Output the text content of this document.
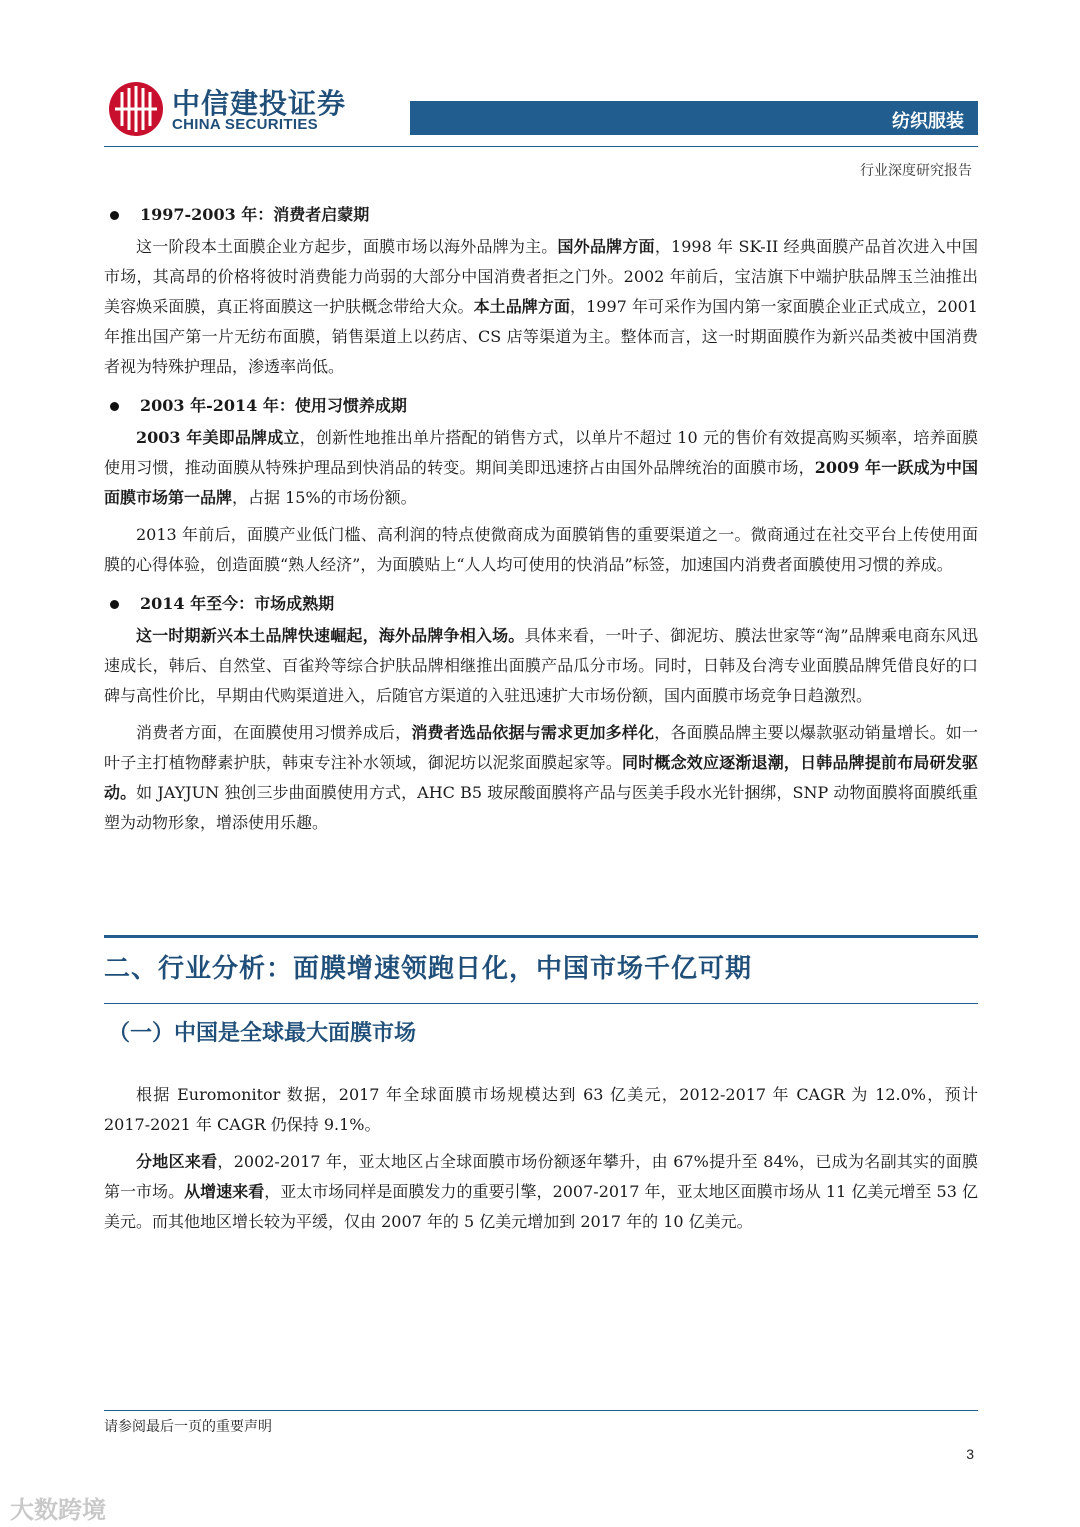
中信建投证券
CHINA SECURITIES	纺织服装
行业深度研究报告
1997-2003 年：消费者启蒙期

这一阶段本土面膜企业方起步，面膜市场以海外品牌为主。国外品牌方面，1998 年 SK-II 经典面膜产品首次进入中国市场，其高昂的价格将彼时消费能力尚弱的大部分中国消费者拒之门外。2002 年前后，宝洁旗下中端护肤品牌玉兰油推出美容焕采面膜，真正将面膜这一护肤概念带给大众。本土品牌方面，1997 年可采作为国内第一家面膜企业正式成立，2001 年推出国产第一片无纺布面膜，销售渠道上以药店、CS 店等渠道为主。整体而言，这一时期面膜作为新兴品类被中国消费者视为特殊护理品，渗透率尚低。

2003 年-2014 年：使用习惯养成期

2003 年美即品牌成立，创新性地推出单片搭配的销售方式，以单片不超过 10 元的售价有效提高购买频率，培养面膜使用习惯，推动面膜从特殊护理品到快消品的转变。期间美即迅速挤占由国外品牌统治的面膜市场，2009 年一跃成为中国面膜市场第一品牌，占据 15%的市场份额。

2013 年前后，面膜产业低门槛、高利润的特点使微商成为面膜销售的重要渠道之一。微商通过在社交平台上传使用面膜的心得体验，创造面膜“熟人经济”，为面膜贴上“人人均可使用的快消品”标签，加速国内消费者面膜使用习惯的养成。

2014 年至今：市场成熟期

这一时期新兴本土品牌快速崛起，海外品牌争相入场。具体来看，一叶子、御泥坊、膜法世家等“淘”品牌乘电商东风迅速成长，韩后、自然堂、百雀羚等综合护肤品牌相继推出面膜产品瓜分市场。同时，日韩及台湾专业面膜品牌凭借良好的口碑与高性价比，早期由代购渠道进入，后随官方渠道的入驻迅速扩大市场份额，国内面膜市场竞争日趋激烈。

消费者方面，在面膜使用习惯养成后，消费者选品依据与需求更加多样化，各面膜品牌主要以爆款驱动销量增长。如一叶子主打植物酵素护肤，韩束专注补水领域，御泥坊以泥浆面膜起家等。同时概念效应逐渐退潮，日韩品牌提前布局研发驱动。如 JAYJUN 独创三步曲面膜使用方式，AHC B5 玻尿酸面膜将产品与医美手段水光针捆绑，SNP 动物面膜将面膜纸重塑为动物形象，增添使用乐趣。

二、行业分析：面膜增速领跑日化，中国市场千亿可期
（一）中国是全球最大面膜市场

根据 Euromonitor 数据，2017 年全球面膜市场规模达到 63 亿美元，2012-2017 年 CAGR 为 12.0%，预计 2017-2021 年 CAGR 仍保持 9.1%。

分地区来看，2002-2017 年，亚太地区占全球面膜市场份额逐年攀升，由 67%提升至 84%，已成为名副其实的面膜第一市场。从增速来看，亚太市场同样是面膜发力的重要引擎，2007-2017 年，亚太地区面膜市场从 11 亿美元增至 53 亿美元。而其他地区增长较为平缓，仅由 2007 年的 5 亿美元增加到 2017 年的 10 亿美元。

请参阅最后一页的重要声明
3
大数跨境
